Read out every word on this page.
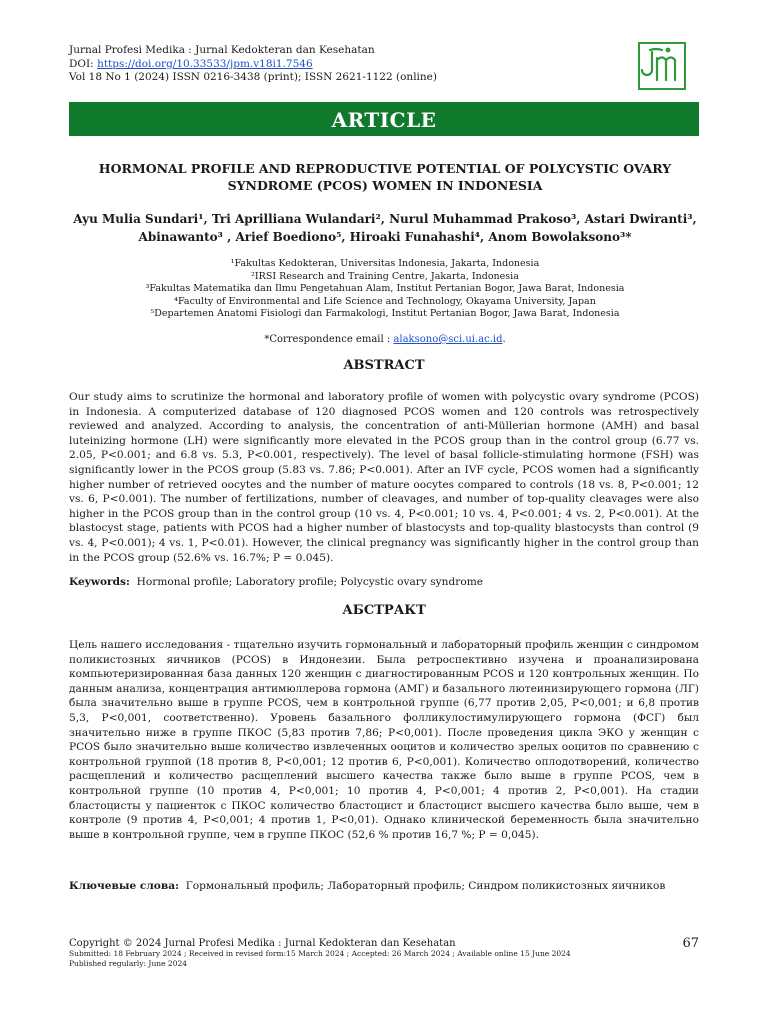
Jurnal Profesi Medika : Jurnal Kedokteran dan Kesehatan
DOI: https://doi.org/10.33533/jpm.v18i1.7546
Vol 18 No 1 (2024) ISSN 0216-3438 (print); ISSN 2621-1122 (online)
ARTICLE
HORMONAL PROFILE AND REPRODUCTIVE POTENTIAL OF POLYCYSTIC OVARY SYNDROME (PCOS) WOMEN IN INDONESIA
Ayu Mulia Sundari¹, Tri Aprilliana Wulandari², Nurul Muhammad Prakoso³, Astari Dwiranti³,
Abinawanto³ , Arief Boediono⁵, Hiroaki Funahashi⁴, Anom Bowolaksono³*
¹Fakultas Kedokteran, Universitas Indonesia, Jakarta, Indonesia
²IRSI Research and Training Centre, Jakarta, Indonesia
³Fakultas Matematika dan Ilmu Pengetahuan Alam, Institut Pertanian Bogor, Jawa Barat, Indonesia
⁴Faculty of Environmental and Life Science and Technology, Okayama University, Japan
⁵Departemen Anatomi Fisiologi dan Farmakologi, Institut Pertanian Bogor, Jawa Barat, Indonesia
*Correspondence email : alaksono@sci.ui.ac.id.
ABSTRACT
Our study aims to scrutinize the hormonal and laboratory profile of women with polycystic ovary syndrome (PCOS) in Indonesia. A computerized database of 120 diagnosed PCOS women and 120 controls was retrospectively reviewed and analyzed. According to analysis, the concentration of anti-Müllerian hormone (AMH) and basal luteinizing hormone (LH) were significantly more elevated in the PCOS group than in the control group (6.77 vs. 2.05, P<0.001; and 6.8 vs. 5.3, P<0.001, respectively). The level of basal follicle-stimulating hormone (FSH) was significantly lower in the PCOS group (5.83 vs. 7.86; P<0.001). After an IVF cycle, PCOS women had a significantly higher number of retrieved oocytes and the number of mature oocytes compared to controls (18 vs. 8, P<0.001; 12 vs. 6, P<0.001). The number of fertilizations, number of cleavages, and number of top-quality cleavages were also higher in the PCOS group than in the control group (10 vs. 4, P<0.001; 10 vs. 4, P<0.001; 4 vs. 2, P<0.001). At the blastocyst stage, patients with PCOS had a higher number of blastocysts and top-quality blastocysts than control (9 vs. 4, P<0.001); 4 vs. 1, P<0.01). However, the clinical pregnancy was significantly higher in the control group than in the PCOS group (52.6% vs. 16.7%; P = 0.045).
Keywords: Hormonal profile; Laboratory profile; Polycystic ovary syndrome
АБСТРАКТ
Цель нашего исследования - тщательно изучить гормональный и лабораторный профиль женщин с синдромом поликистозных яичников (PCOS) в Индонезии. Была ретроспективно изучена и проанализирована компьютеризированная база данных 120 женщин с диагностированным PCOS и 120 контрольных женщин. По данным анализа, концентрация антимюллерова гормона (АМГ) и базального лютеинизирующего гормона (ЛГ) была значительно выше в группе PCOS, чем в контрольной группе (6,77 против 2,05, P<0,001; и 6,8 против 5,3, P<0,001, соответственно). Уровень базального фолликулостимулирующего гормона (ФСГ) был значительно ниже в группе ПКОС (5,83 против 7,86; P<0,001). После проведения цикла ЭКО у женщин с PCOS было значительно выше количество извлеченных ооцитов и количество зрелых ооцитов по сравнению с контрольной группой (18 против 8, P<0,001; 12 против 6, P<0,001). Количество оплодотворений, количество расщеплений и количество расщеплений высшего качества также было выше в группе PCOS, чем в контрольной группе (10 против 4, P<0,001; 10 против 4, P<0,001; 4 против 2, P<0,001). На стадии бластоцисты у пациенток с ПКОС количество бластоцист и бластоцист высшего качества было выше, чем в контроле (9 против 4, P<0,001; 4 против 1, P<0,01). Однако клинической беременность была значительно выше в контрольной группе, чем в группе ПКОС (52,6 % против 16,7 %; P = 0,045).
Ключевые слова: Гормональный профиль; Лабораторный профиль; Синдром поликистозных яичников
Copyright © 2024 Jurnal Profesi Medika : Jurnal Kedokteran dan Kesehatan	67
Submitted: 18 February 2024 ; Received in revised form:15 March 2024 ; Accepted: 26 March 2024 ; Available online 15 June 2024
Published regularly: June 2024
